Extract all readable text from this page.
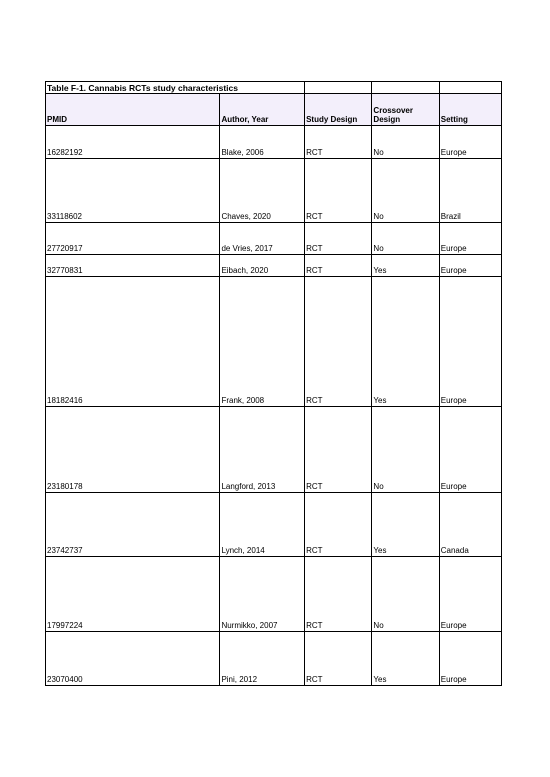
Table F-1. Cannabis RCTs study characteristics				
PMID	Author, Year	Study Design	Crossover Design	Setting
16282192	Blake, 2006	RCT	No	Europe
33118602	Chaves, 2020	RCT	No	Brazil
27720917	de Vries, 2017	RCT	No	Europe
32770831	Eibach, 2020	RCT	Yes	Europe
18182416	Frank, 2008	RCT	Yes	Europe
23180178	Langford, 2013	RCT	No	Europe
23742737	Lynch, 2014	RCT	Yes	Canada
17997224	Nurmikko, 2007	RCT	No	Europe
23070400	Pini, 2012	RCT	Yes	Europe
